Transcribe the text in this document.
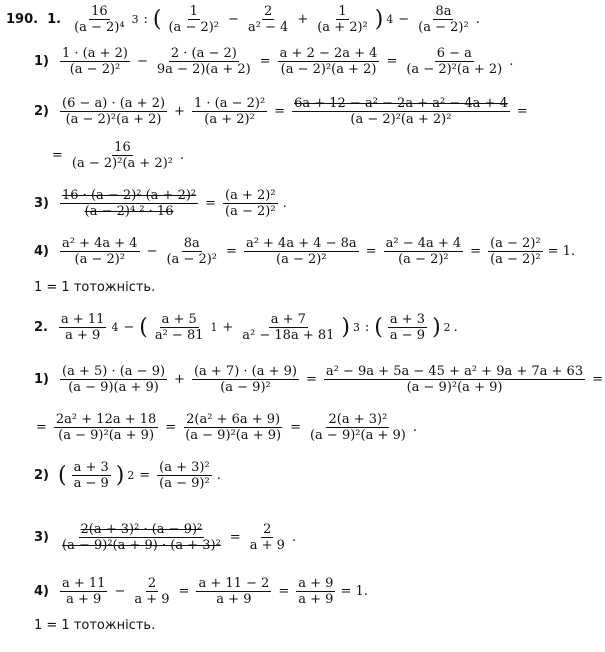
190. 1. $\frac{16}{\text{(a − 2)⁴}} 3$ : ( $\frac{1}{\text{(a − 2)²}} - \frac{2}{\text{a² − 4}} + \frac{1}{\text{(a + 2)²}}$ ) $4 - \frac{8a}{\text{(a − 2)²}}$ .
$1) \frac{1 \cdot (a + 2)}{\text{(a − 2)²}} - \frac{2 \cdot (a - 2)}{9a - 2)(a + 2)} = \frac{a + 2 - 2a + 4}{\text{(a − 2)²(a + 2)}} = \frac{6 - a}{\text{(a − 2)²(a + 2)}}$ .
$2) \frac{(6 - a) \cdot (a + 2)}{\text{(a − 2)²(a + 2)}} + \frac{\text{1 · (a − 2)²}}{\text{(a + 2)²}} = \frac{\text{6a + 12 − a² − 2a + a² − 4a + 4}}{\text{(a − 2)²(a + 2)²}}$ =
= $\frac{16}{\text{(a − 2)²(a + 2)²}}$ .
$3) \frac{\text{16 · (a − 2)² (a + 2)²}}{\text{(a − 2)⁴ ² · 16}} = \frac{\text{(a + 2)²}}{\text{(a − 2)²}}$ .
$4) \frac{\text{a² + 4a + 4}}{\text{(a − 2)²}} - \frac{8a}{\text{(a − 2)²}} = \frac{\text{a² + 4a + 4 − 8a}}{\text{(a − 2)²}} = \frac{\text{a² − 4a + 4}}{\text{(a − 2)²}} = \frac{\text{(a − 2)²}}{\text{(a − 2)²}} = 1$.
1 = 1 тотожність.
2. $\frac{a + 11}{a + 9} 4$ − ( $\frac{a + 5}{\text{a² − 81}} 1 + \frac{a + 7}{\text{a² − 18a + 81}}$ ) 3 : ( $\frac{a + 3}{a - 9}$ ) 2 .
$1) \frac{(a + 5) \cdot (a - 9)}{(a - 9)(a + 9)} + \frac{(a + 7) \cdot (a + 9)}{\text{(a − 9)²}} = \frac{\text{a² − 9a + 5a − 45 + a² + 9a + 7a + 63}}{\text{(a − 9)²(a + 9)}}$ =
= $\frac{\text{2a² + 12a + 18}}{\text{(a − 9)²(a + 9)}} = \frac{\text{2(a² + 6a + 9)}}{\text{(a − 9)²(a + 9)}} = \frac{\text{2(a + 3)²}}{\text{(a − 9)²(a + 9)}}$ .
2) ( $\frac{a + 3}{a - 9}$ ) $2 = \frac{\text{(a + 3)²}}{\text{(a − 9)²}}$ .
$3) \frac{\text{2(a + 3)² · (a − 9)²}}{\text{(a − 9)²(a + 9) · (a + 3)²}} = \frac{2}{a + 9}$ .
$4) \frac{a + 11}{a + 9} - \frac{2}{a + 9} = \frac{a + 11 - 2}{a + 9} = \frac{a + 9}{a + 9} = 1$.
1 = 1 тотожність.
